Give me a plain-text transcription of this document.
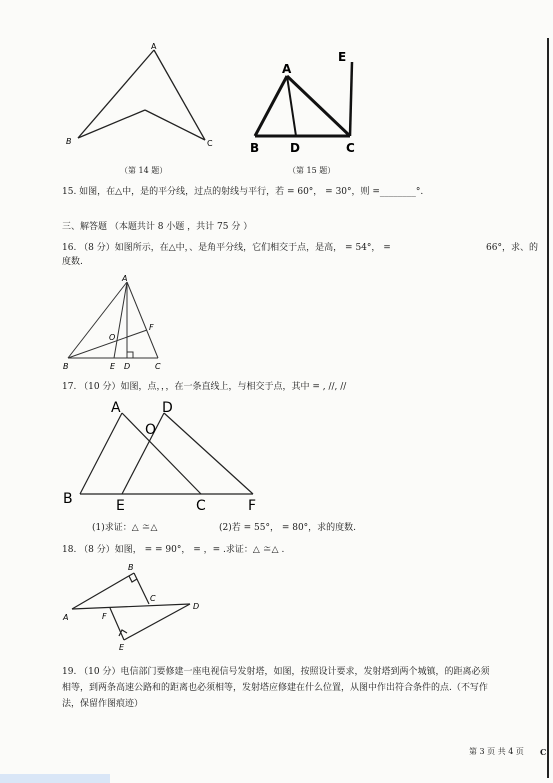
A
B	C
A
B	D	C
E
（第 14 题）	（第 15 题）
15. 如图，在△中，是的平分线，过点的射线与平行，若 = 60°， = 30°，则 =________°.
三、解答题 （本题共计 8 小题 ，共计 75 分 ）
16. （8 分）如图所示，在△中，、是角平分线，它们相交于点，是高， = 54°， =	66°，求、的
度数.
A
O
F
B	E D	C
17. （10 分）如图，点，，，在一条直线上，与相交于点，其中 = , //, //
A	D
O
B	E	C	F
(1)求证：△ ≅△	(2)若 = 55°， = 80°，求的度数.
18. （8 分）如图， = = 90°， = ，= .求证：△ ≅△ .
B
C
D
A	F
E
19. （10 分）电信部门要修建一座电视信号发射塔，如图，按照设计要求，发射塔到两个城镇，的距离必须
相等，到两条高速公路和的距离也必须相等，发射塔应修建在什么位置，从图中作出符合条件的点.（不写作
法，保留作图痕迹）
第 3 页 共 4 页 C
